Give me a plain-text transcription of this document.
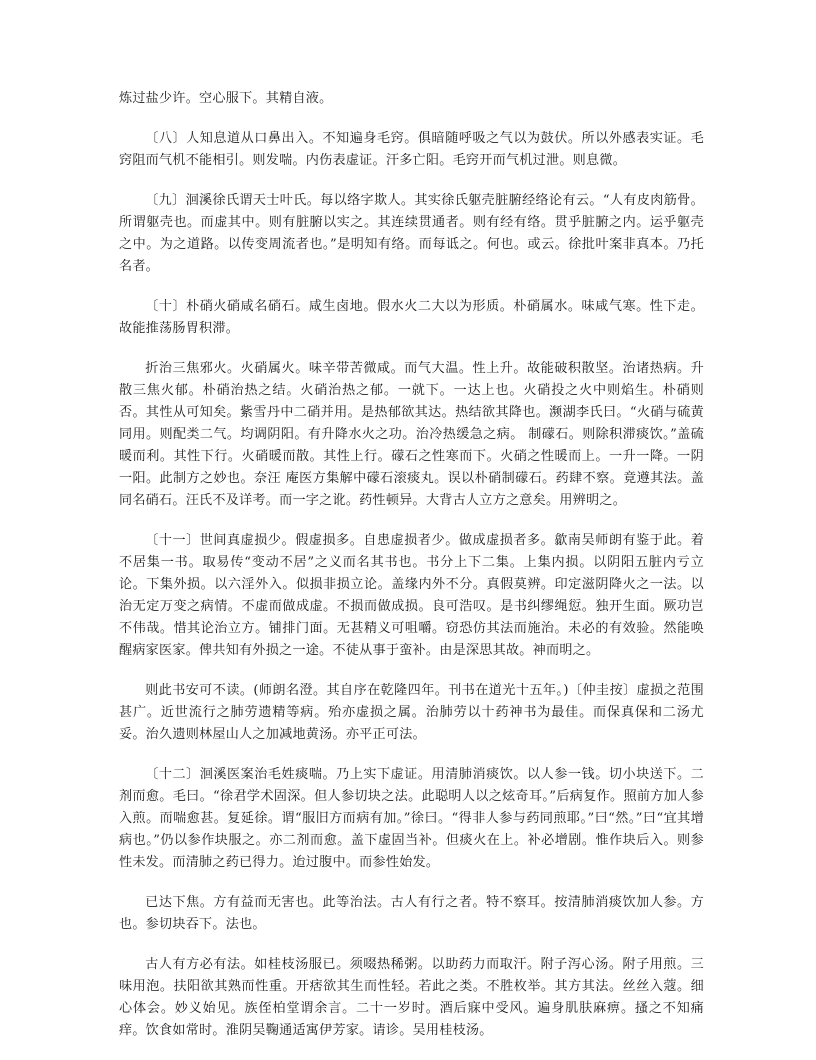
炼过盐少许。空心服下。其精自液。

〔八〕人知息道从口鼻出入。不知遍身毛窍。俱暗随呼吸之气以为鼓伏。所以外感表实证。毛窍阻而气机不能相引。则发喘。内伤表虚证。汗多亡阳。毛窍开而气机过泄。则息微。

〔九〕洄溪徐氏谓天士叶氏。每以络字欺人。其实徐氏躯壳脏腑经络论有云。“人有皮肉筋骨。所谓躯壳也。而虚其中。则有脏腑以实之。其连续贯通者。则有经有络。贯乎脏腑之内。运乎躯壳之中。为之道路。以传变周流者也。”是明知有络。而每诋之。何也。或云。徐批叶案非真本。乃托名者。

〔十〕朴硝火硝咸名硝石。咸生卤地。假水火二大以为形质。朴硝属水。味咸气寒。性下走。故能推荡肠胃积滞。

折治三焦邪火。火硝属火。味辛带苦微咸。而气大温。性上升。故能破积散坚。治诸热病。升散三焦火郁。朴硝治热之结。火硝治热之郁。一就下。一达上也。火硝投之火中则焰生。朴硝则否。其性从可知矣。紫雪丹中二硝并用。是热郁欲其达。热结欲其降也。濒湖李氏曰。“火硝与硫黄同用。则配类二气。均调阴阳。有升降水火之功。治冷热缓急之病。 制礞石。则除积滞痰饮。”盖硫暖而利。其性下行。火硝暖而散。其性上行。礞石之性寒而下。火硝之性暖而上。一升一降。一阴一阳。此制方之妙也。奈汪 庵医方集解中礞石滚痰丸。误以朴硝制礞石。药肆不察。竟遵其法。盖同名硝石。汪氏不及详考。而一字之讹。药性顿异。大背古人立方之意矣。用辨明之。

〔十一〕世间真虚损少。假虚损多。自患虚损者少。做成虚损者多。歙南吴师朗有鉴于此。着不居集一书。取易传“变动不居”之义而名其书也。书分上下二集。上集内损。以阴阳五脏内亏立论。下集外损。以六淫外入。似损非损立论。盖缘内外不分。真假莫辨。印定滋阴降火之一法。以治无定万变之病情。不虚而做成虚。不损而做成损。良可浩叹。是书纠缪绳愆。独开生面。厥功岂不伟哉。惜其论治立方。铺排门面。无甚精义可咀嚼。窃恐仿其法而施治。未必的有效验。然能唤醒病家医家。俾共知有外损之一途。不徒从事于蛮补。由是深思其故。神而明之。

则此书安可不读。(师朗名澄。其自序在乾隆四年。刊书在道光十五年。)〔仲圭按〕虚损之范围甚广。近世流行之肺劳遗精等病。殆亦虚损之属。治肺劳以十药神书为最佳。而保真保和二汤尤妥。治久遗则林屋山人之加减地黄汤。亦平正可法。

〔十二〕洄溪医案治毛姓痰喘。乃上实下虚证。用清肺消痰饮。以人参一钱。切小块送下。二剂而愈。毛曰。“徐君学术固深。但人参切块之法。此聪明人以之炫奇耳。”后病复作。照前方加人参入煎。而喘愈甚。复延徐。谓“服旧方而病有加。”徐曰。“得非人参与药同煎耶。”曰“然。”曰“宜其增病也。”仍以参作块服之。亦二剂而愈。盖下虚固当补。但痰火在上。补必增剧。惟作块后入。则参性未发。而清肺之药已得力。迨过腹中。而参性始发。

已达下焦。方有益而无害也。此等治法。古人有行之者。特不察耳。按清肺消痰饮加人参。方也。参切块吞下。法也。

古人有方必有法。如桂枝汤服已。须啜热稀粥。以助药力而取汗。附子泻心汤。附子用煎。三味用泡。扶阳欲其熟而性重。开痞欲其生而性轻。若此之类。不胜枚举。其方其法。丝丝入蔻。细心体会。妙义始见。族侄柏堂谓余言。二十一岁时。酒后寐中受风。遍身肌肤麻痹。搔之不知痛痒。饮食如常时。淮阴吴鞠通适寓伊芳家。请诊。吴用桂枝汤。
